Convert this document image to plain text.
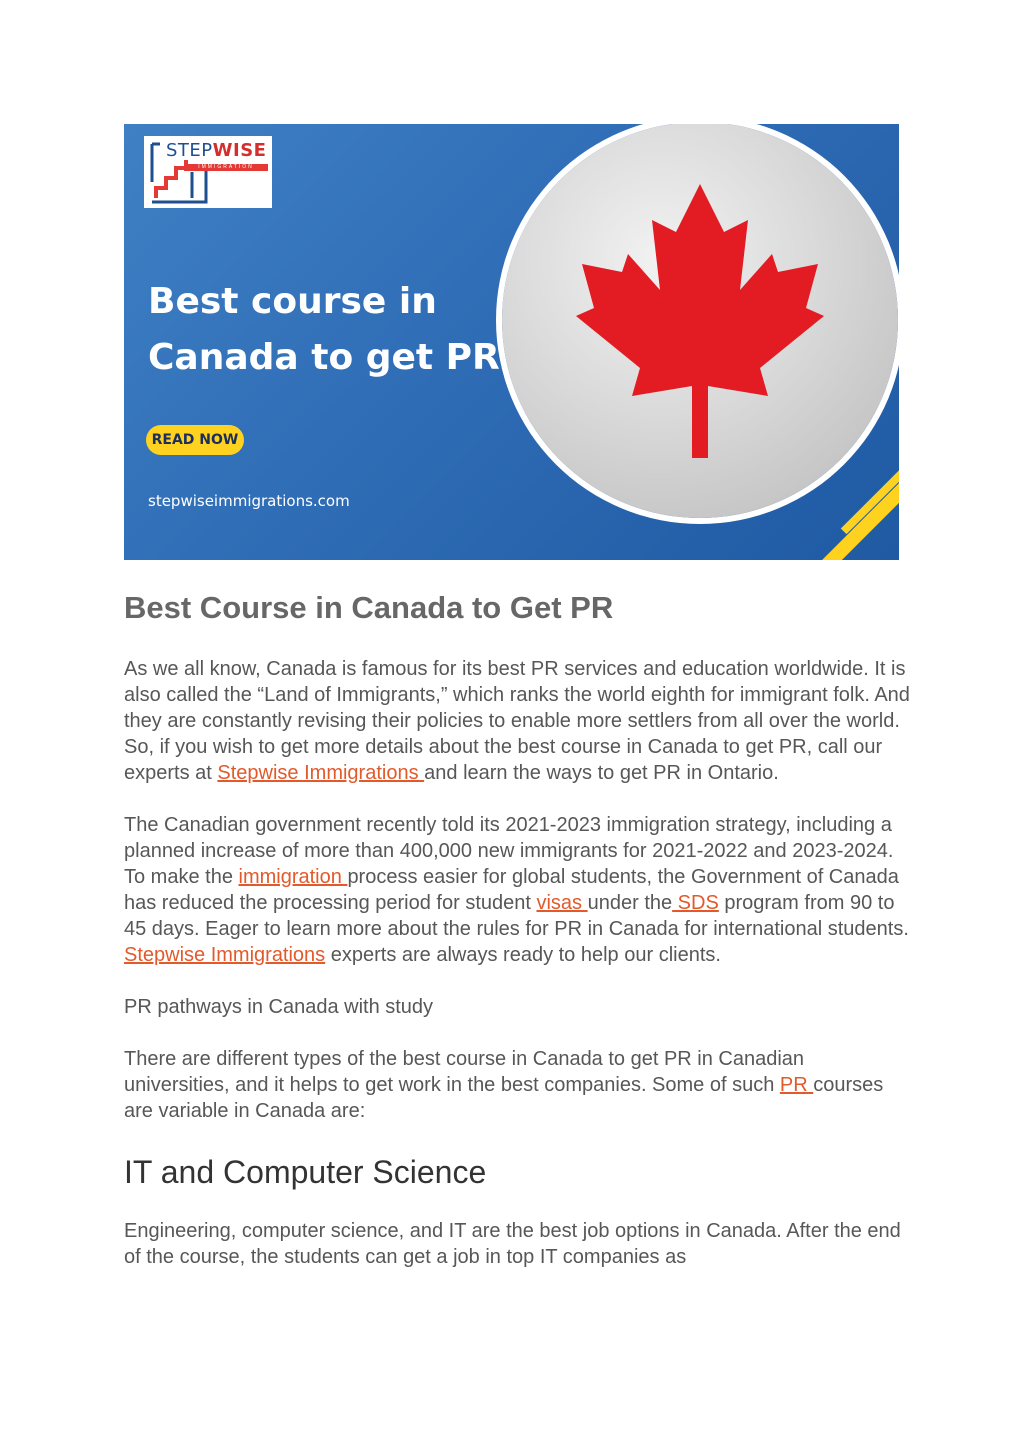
STEPWISE
IMMIGRATION
Best course in
Canada to get PR
READ NOW
stepwiseimmigrations.com
Best Course in Canada to Get PR

As we all know, Canada is famous for its best PR services and education worldwide. It is also called the “Land of Immigrants,” which ranks the world eighth for immigrant folk. And they are constantly revising their policies to enable more settlers from all over the world. So, if you wish to get more details about the best course in Canada to get PR, call our experts at Stepwise Immigrations and learn the ways to get PR in Ontario.

The Canadian government recently told its 2021-2023 immigration strategy, including a planned increase of more than 400,000 new immigrants for 2021-2022 and 2023-2024. To make the immigration process easier for global students, the Government of Canada has reduced the processing period for student visas under the SDS program from 90 to 45 days. Eager to learn more about the rules for PR in Canada for international students. Stepwise Immigrations experts are always ready to help our clients.

PR pathways in Canada with study

There are different types of the best course in Canada to get PR in Canadian universities, and it helps to get work in the best companies. Some of such PR courses are variable in Canada are:

IT and Computer Science

Engineering, computer science, and IT are the best job options in Canada. After the end of the course, the students can get a job in top IT companies as
